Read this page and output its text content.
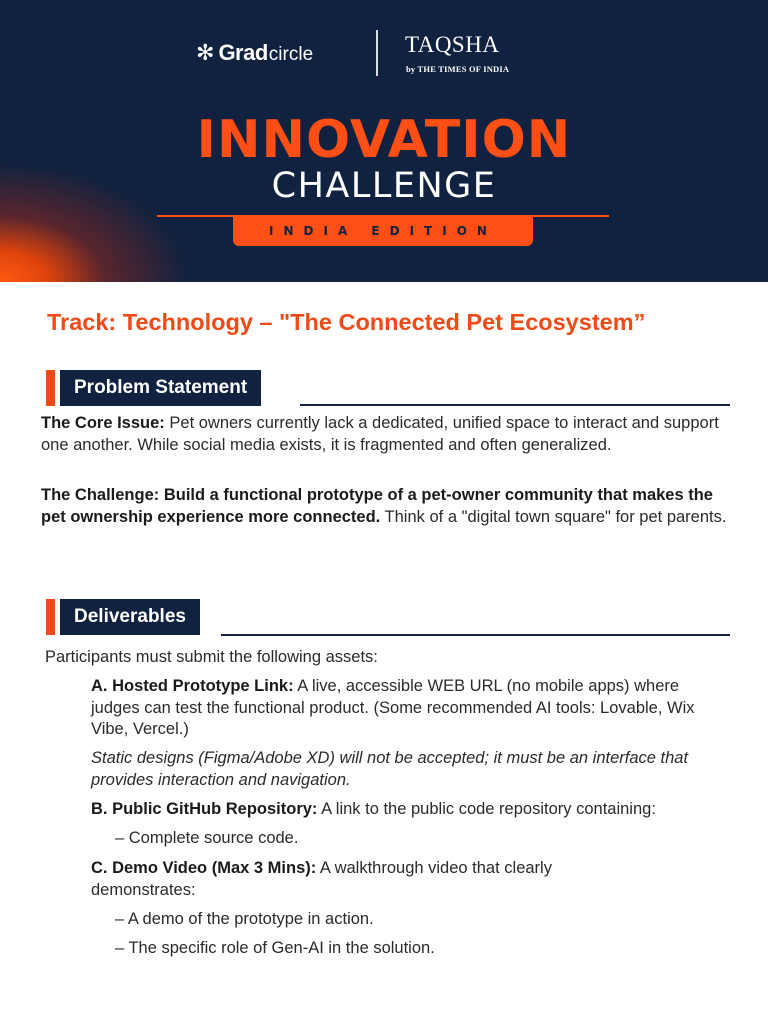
✻ Grad circle	TAQSHA
by THE TIMES OF INDIA
INNOVATION
CHALLENGE
INDIA EDITION
Track: Technology – "The Connected Pet Ecosystem”
Problem Statement
The Core Issue: Pet owners currently lack a dedicated, unified space to interact and support one another. While social media exists, it is fragmented and often generalized.
The Challenge: Build a functional prototype of a pet-owner community that makes the pet ownership experience more connected. Think of a "digital town square" for pet parents.
Deliverables
Participants must submit the following assets:
A. Hosted Prototype Link: A live, accessible WEB URL (no mobile apps) where judges can test the functional product. (Some recommended AI tools: Lovable, Wix Vibe, Vercel.)
Static designs (Figma/Adobe XD) will not be accepted; it must be an interface that provides interaction and navigation.
B. Public GitHub Repository: A link to the public code repository containing:
– Complete source code.
C. Demo Video (Max 3 Mins): A walkthrough video that clearly demonstrates:
– A demo of the prototype in action.
– The specific role of Gen-AI in the solution.
